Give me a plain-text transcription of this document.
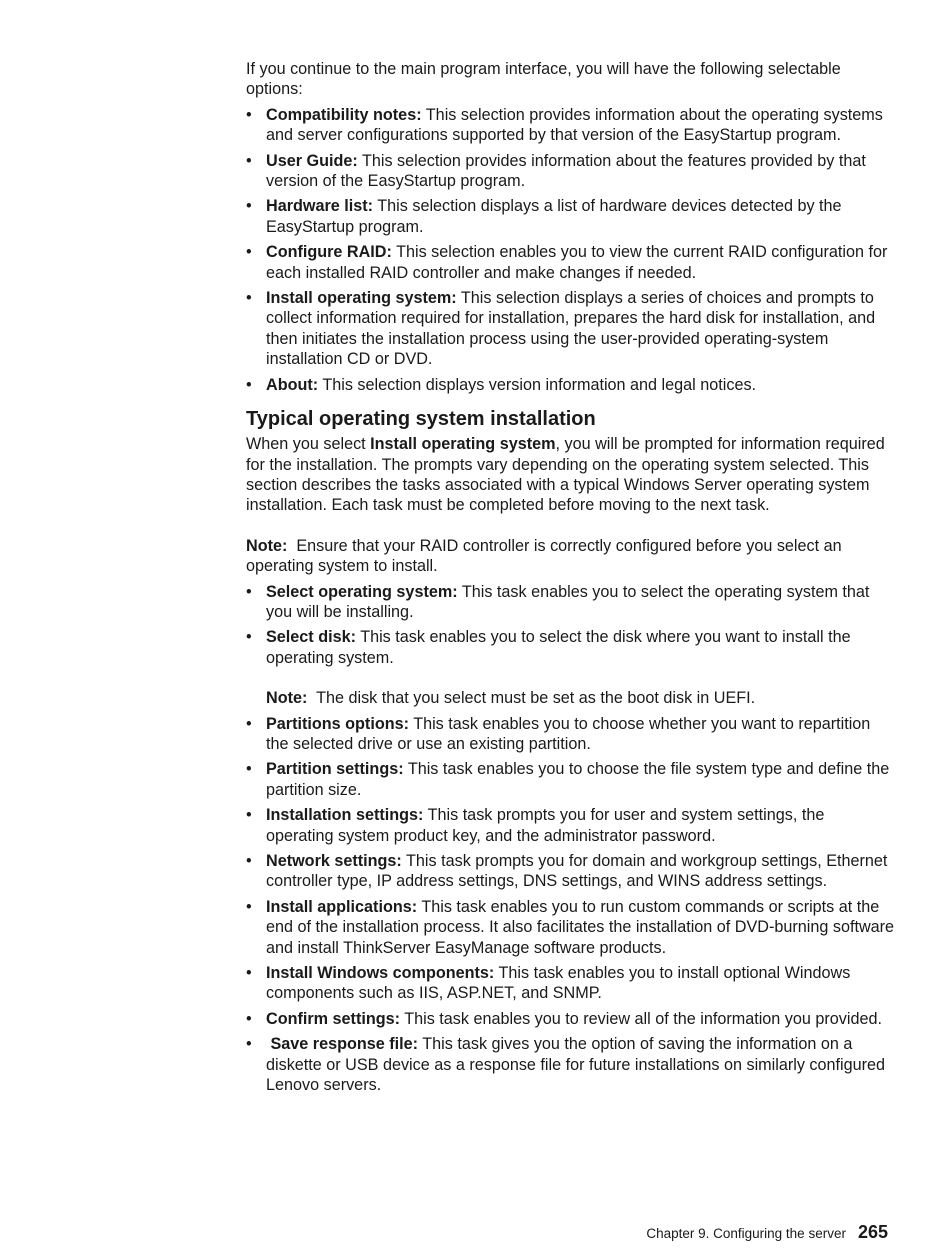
If you continue to the main program interface, you will have the following selectable options:

• Compatibility notes: This selection provides information about the operating systems and server configurations supported by that version of the EasyStartup program.
• User Guide: This selection provides information about the features provided by that version of the EasyStartup program.
• Hardware list: This selection displays a list of hardware devices detected by the EasyStartup program.
• Configure RAID: This selection enables you to view the current RAID configuration for each installed RAID controller and make changes if needed.
• Install operating system: This selection displays a series of choices and prompts to collect information required for installation, prepares the hard disk for installation, and then initiates the installation process using the user-provided operating-system installation CD or DVD.
• About: This selection displays version information and legal notices.
Typical operating system installation

When you select Install operating system, you will be prompted for information required for the installation. The prompts vary depending on the operating system selected. This section describes the tasks associated with a typical Windows Server operating system installation. Each task must be completed before moving to the next task.

Note:  Ensure that your RAID controller is correctly configured before you select an operating system to install.

• Select operating system: This task enables you to select the operating system that you will be installing.
• Select disk: This task enables you to select the disk where you want to install the operating system.

Note:  The disk that you select must be set as the boot disk in UEFI.

• Partitions options: This task enables you to choose whether you want to repartition the selected drive or use an existing partition.
• Partition settings: This task enables you to choose the file system type and define the partition size.
• Installation settings: This task prompts you for user and system settings, the operating system product key, and the administrator password.
• Network settings: This task prompts you for domain and workgroup settings, Ethernet controller type, IP address settings, DNS settings, and WINS address settings.
• Install applications: This task enables you to run custom commands or scripts at the end of the installation process. It also facilitates the installation of DVD-burning software and install ThinkServer EasyManage software products.
• Install Windows components: This task enables you to install optional Windows components such as IIS, ASP.NET, and SNMP.
• Confirm settings: This task enables you to review all of the information you provided.
• Save response file: This task gives you the option of saving the information on a diskette or USB device as a response file for future installations on similarly configured Lenovo servers.
Chapter 9. Configuring the server 265
